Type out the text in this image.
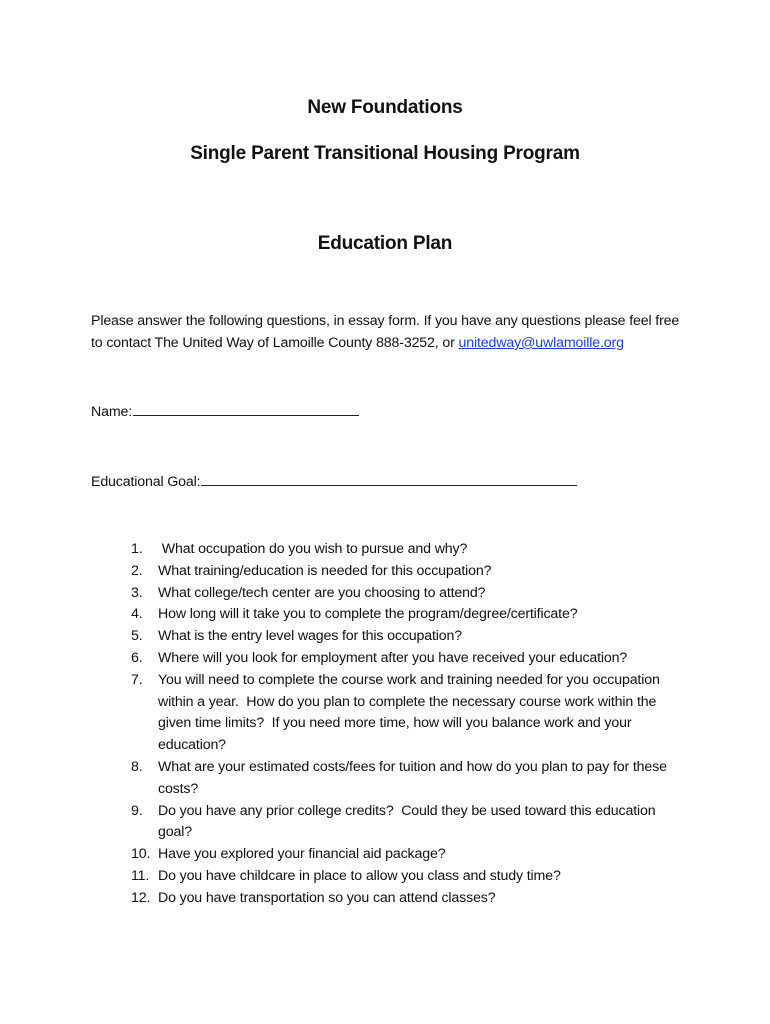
New Foundations
Single Parent Transitional Housing Program
Education Plan
Please answer the following questions, in essay form. If you have any questions please feel free to contact The United Way of Lamoille County 888-3252, or unitedway@uwlamoille.org
Name:
Educational Goal:
1. What occupation do you wish to pursue and why?
2. What training/education is needed for this occupation?
3. What college/tech center are you choosing to attend?
4. How long will it take you to complete the program/degree/certificate?
5. What is the entry level wages for this occupation?
6. Where will you look for employment after you have received your education?
7. You will need to complete the course work and training needed for you occupation within a year.  How do you plan to complete the necessary course work within the given time limits?  If you need more time, how will you balance work and your education?
8. What are your estimated costs/fees for tuition and how do you plan to pay for these costs?
9. Do you have any prior college credits?  Could they be used toward this education goal?
10. Have you explored your financial aid package?
11. Do you have childcare in place to allow you class and study time?
12. Do you have transportation so you can attend classes?
